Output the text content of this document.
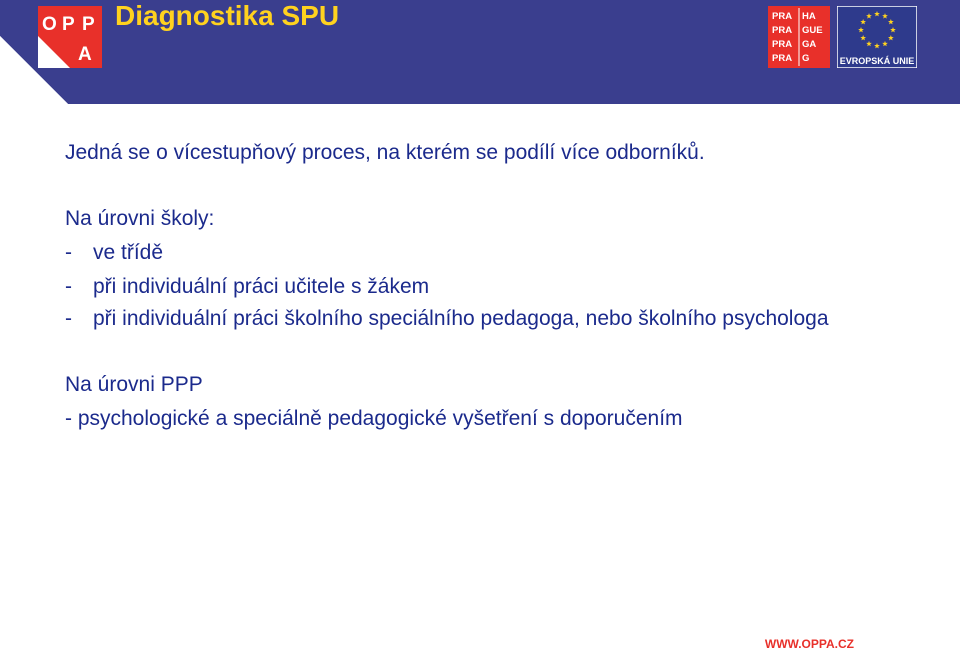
O P P
A
Diagnostika SPU	PRA HA
PRA GUE
PRA GA
PRA G	EVROPSKÁ UNIE

Jedná se o vícestupňový proces, na kterém se podílí více odborníků.

Na úrovni školy:

- ve třídě

- při individuální práci učitele s žákem

- při individuální práci školního speciálního pedagoga, nebo školního psychologa

Na úrovni PPP

- psychologické a speciálně pedagogické vyšetření s doporučením

WWW.OPPA.CZ
